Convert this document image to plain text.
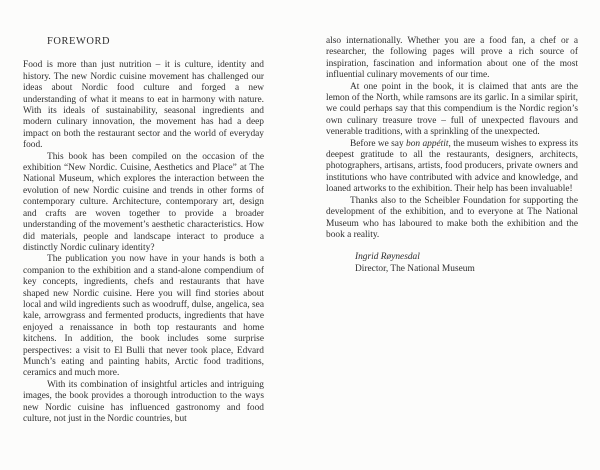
FOREWORD

Food is more than just nutrition – it is culture, identity and history. The new Nordic cuisine movement has challenged our ideas about Nordic food culture and forged a new understanding of what it means to eat in harmony with nature. With its ideals of sustainability, seasonal ingredients and modern culinary innovation, the movement has had a deep impact on both the restaurant sector and the world of everyday food.

This book has been compiled on the occasion of the exhibition “New Nordic. Cuisine, Aesthetics and Place” at The National Museum, which explores the interaction between the evolution of new Nordic cuisine and trends in other forms of contemporary culture. Architecture, contemporary art, design and crafts are woven together to provide a broader understanding of the movement’s aesthetic characteristics. How did materials, people and landscape interact to produce a distinctly Nordic culinary identity?

The publication you now have in your hands is both a companion to the exhibition and a stand-alone compendium of key concepts, ingredients, chefs and restaurants that have shaped new Nordic cuisine. Here you will find stories about local and wild ingredients such as woodruff, dulse, angelica, sea kale, arrowgrass and fermented products, ingredients that have enjoyed a renaissance in both top restaurants and home kitchens. In addition, the book includes some surprise perspectives: a visit to El Bulli that never took place, Edvard Munch’s eating and painting habits, Arctic food traditions, ceramics and much more.

With its combination of insightful articles and intriguing images, the book provides a thorough introduction to the ways new Nordic cuisine has influenced gastronomy and food culture, not just in the Nordic countries, but

also internationally. Whether you are a food fan, a chef or a researcher, the following pages will prove a rich source of inspiration, fascination and information about one of the most influential culinary movements of our time.

At one point in the book, it is claimed that ants are the lemon of the North, while ramsons are its garlic. In a similar spirit, we could perhaps say that this compendium is the Nordic region’s own culinary treasure trove – full of unexpected flavours and venerable traditions, with a sprinkling of the unexpected.

Before we say bon appétit, the museum wishes to express its deepest gratitude to all the restaurants, designers, architects, photographers, artisans, artists, food producers, private owners and institutions who have contributed with advice and knowledge, and loaned artworks to the exhibition. Their help has been invaluable!

Thanks also to the Scheibler Foundation for supporting the development of the exhibition, and to everyone at The National Museum who has laboured to make both the exhibition and the book a reality.

Ingrid Røynesdal
Director, The National Museum
